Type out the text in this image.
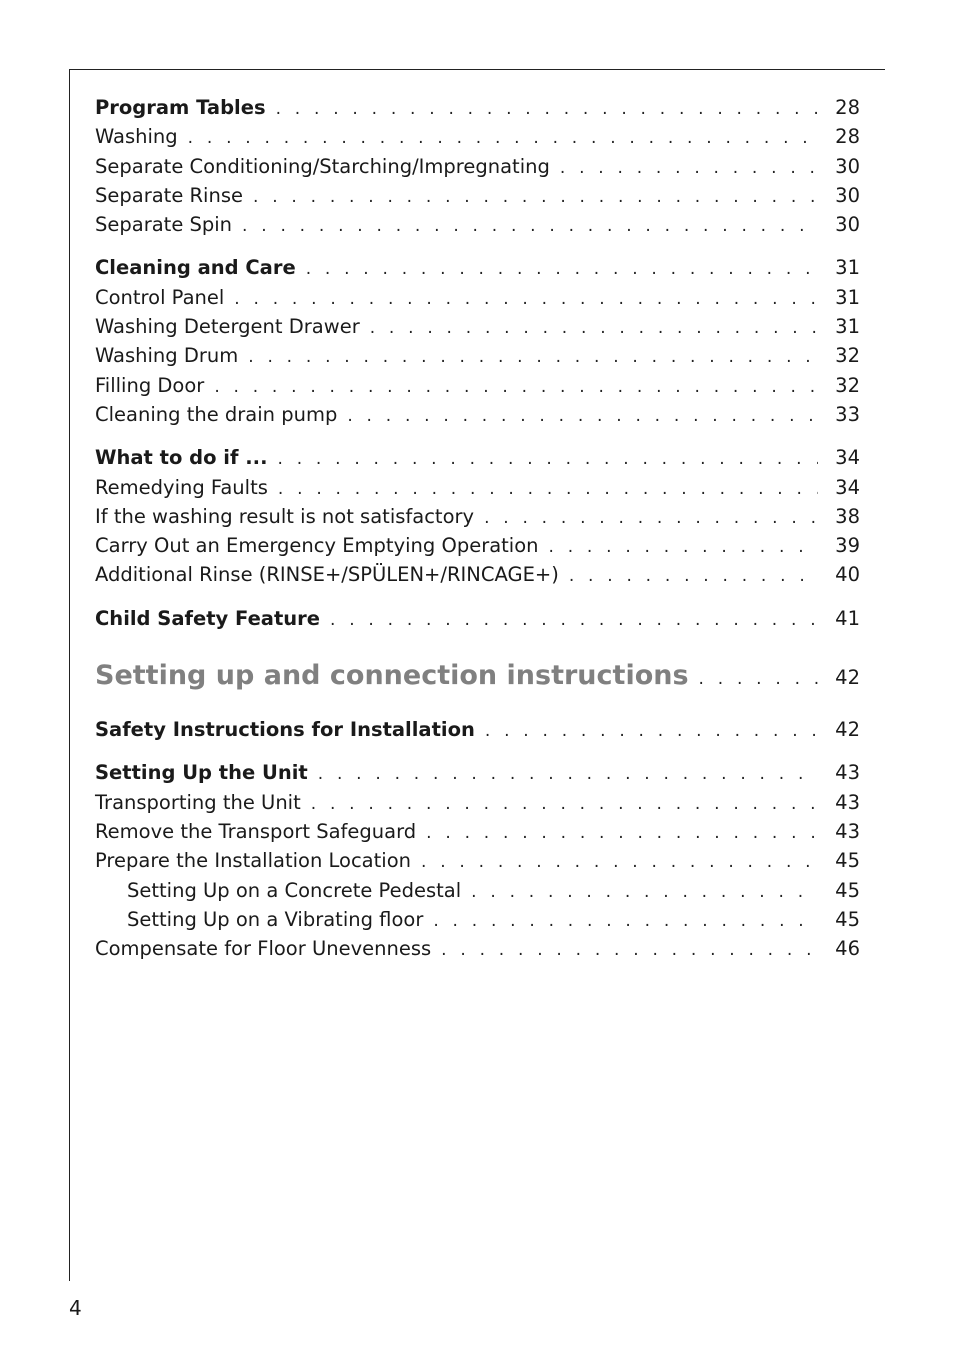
Program Tables . . .	28
Washing . . .	28
Separate Conditioning/Starching/Impregnating . . .	30
Separate Rinse . . .	30
Separate Spin . . .	30
Cleaning and Care . . .	31
Control Panel . . .	31
Washing Detergent Drawer . . .	31
Washing Drum . . .	32
Filling Door . . .	32
Cleaning the drain pump . . .	33
What to do if ... . . .	34
Remedying Faults . . .	34
If the washing result is not satisfactory . . .	38
Carry Out an Emergency Emptying Operation . . .	39
Additional Rinse (RINSE+/SPÜLEN+/RINCAGE+) . . .	40
Child Safety Feature . . .	41
Setting up and connection instructions . . .	42
Safety Instructions for Installation . . .	42
Setting Up the Unit . . .	43
Transporting the Unit . . .	43
Remove the Transport Safeguard . . .	43
Prepare the Installation Location . . .	45
Setting Up on a Concrete Pedestal . . .	45
Setting Up on a Vibrating floor . . .	45
Compensate for Floor Unevenness . . .	46
4
